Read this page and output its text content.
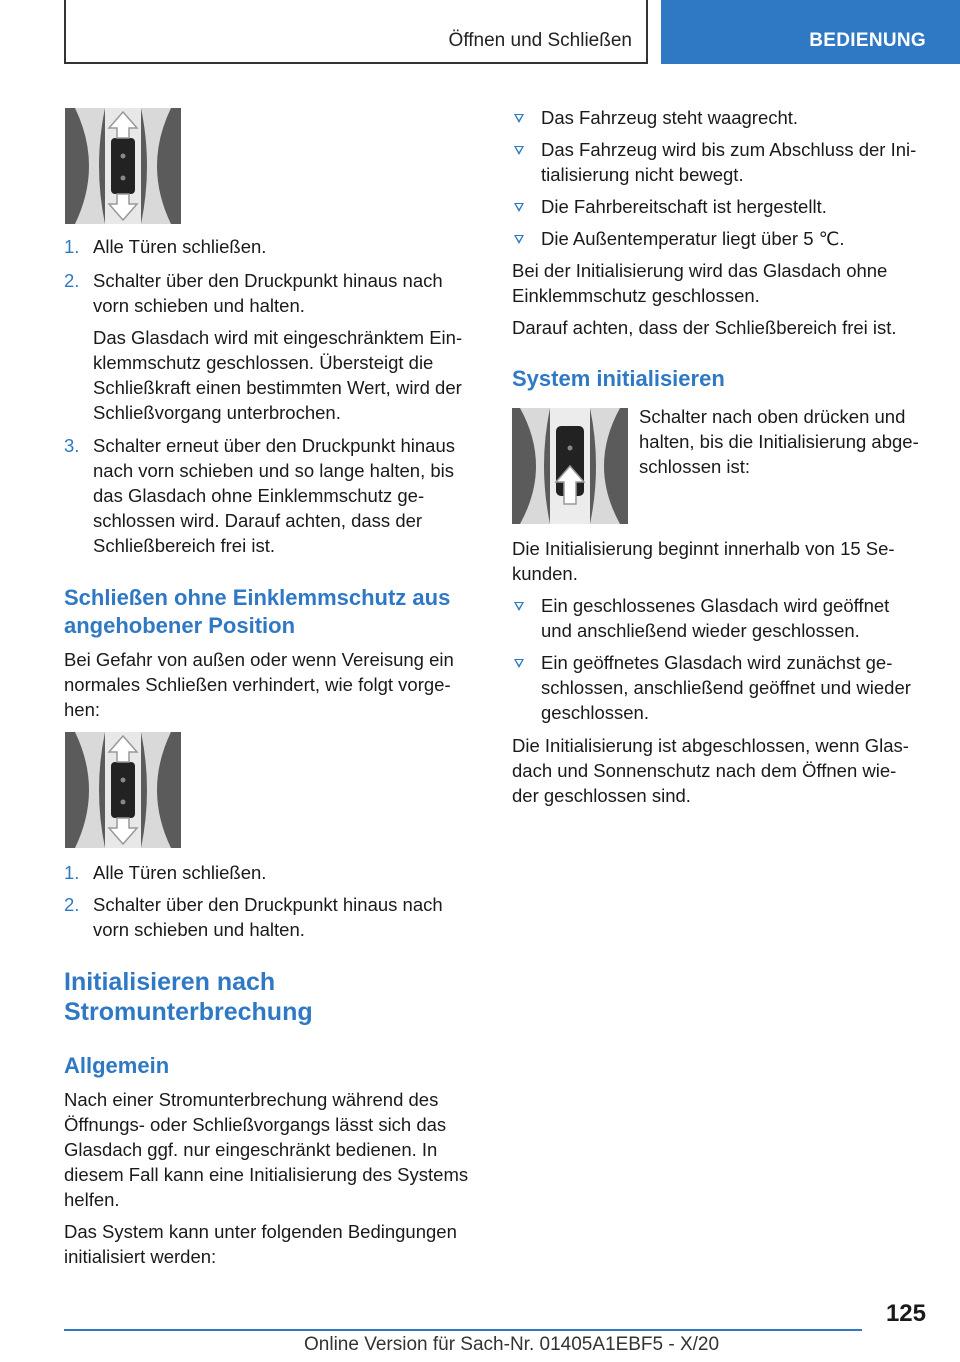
Öffnen und Schließen	BEDIENUNG
1. Alle Türen schließen.

2. Schalter über den Druckpunkt hinaus nach

vorn schieben und halten.

Das Glasdach wird mit eingeschränktem Ein-

klemmschutz geschlossen. Übersteigt die

Schließkraft einen bestimmten Wert, wird der

Schließvorgang unterbrochen.

3. Schalter erneut über den Druckpunkt hinaus

nach vorn schieben und so lange halten, bis

das Glasdach ohne Einklemmschutz ge-

schlossen wird. Darauf achten, dass der

Schließbereich frei ist.

Schließen ohne Einklemmschutz aus

angehobener Position

Bei Gefahr von außen oder wenn Vereisung ein

normales Schließen verhindert, wie folgt vorge-

hen:

1. Alle Türen schließen.

2. Schalter über den Druckpunkt hinaus nach

vorn schieben und halten.

Initialisieren nach

Stromunterbrechung

Allgemein

Nach einer Stromunterbrechung während des

Öffnungs- oder Schließvorgangs lässt sich das

Glasdach ggf. nur eingeschränkt bedienen. In

diesem Fall kann eine Initialisierung des Systems

helfen.

Das System kann unter folgenden Bedingungen

initialisiert werden:

Das Fahrzeug steht waagrecht.

Das Fahrzeug wird bis zum Abschluss der Ini-

tialisierung nicht bewegt.

Die Fahrbereitschaft ist hergestellt.

Die Außentemperatur liegt über 5 ℃.

Bei der Initialisierung wird das Glasdach ohne

Einklemmschutz geschlossen.

Darauf achten, dass der Schließbereich frei ist.

System initialisieren

Schalter nach oben drücken und

halten, bis die Initialisierung abge-

schlossen ist:

Die Initialisierung beginnt innerhalb von 15 Se-

kunden.

Ein geschlossenes Glasdach wird geöffnet

und anschließend wieder geschlossen.

Ein geöffnetes Glasdach wird zunächst ge-

schlossen, anschließend geöffnet und wieder

geschlossen.

Die Initialisierung ist abgeschlossen, wenn Glas-

dach und Sonnenschutz nach dem Öffnen wie-

der geschlossen sind.

125
Online Version für Sach-Nr. 01405A1EBF5 - X/20
